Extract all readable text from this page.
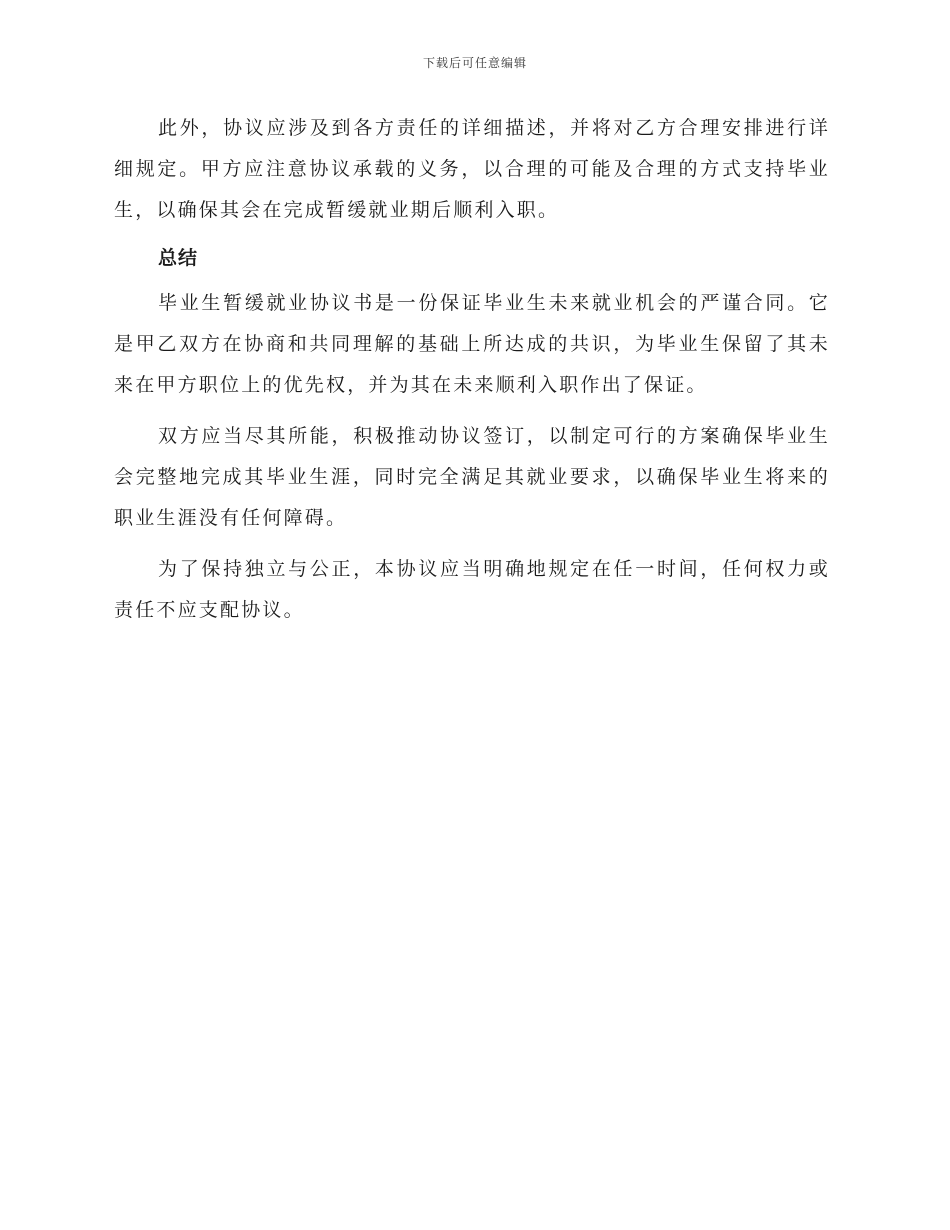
下载后可任意编辑

此外，协议应涉及到各方责任的详细描述，并将对乙方合理安排进行详细规定。甲方应注意协议承载的义务，以合理的可能及合理的方式支持毕业生，以确保其会在完成暂缓就业期后顺利入职。

总结

毕业生暂缓就业协议书是一份保证毕业生未来就业机会的严谨合同。它是甲乙双方在协商和共同理解的基础上所达成的共识，为毕业生保留了其未来在甲方职位上的优先权，并为其在未来顺利入职作出了保证。

双方应当尽其所能，积极推动协议签订，以制定可行的方案确保毕业生会完整地完成其毕业生涯，同时完全满足其就业要求，以确保毕业生将来的职业生涯没有任何障碍。

为了保持独立与公正，本协议应当明确地规定在任一时间，任何权力或责任不应支配协议。
